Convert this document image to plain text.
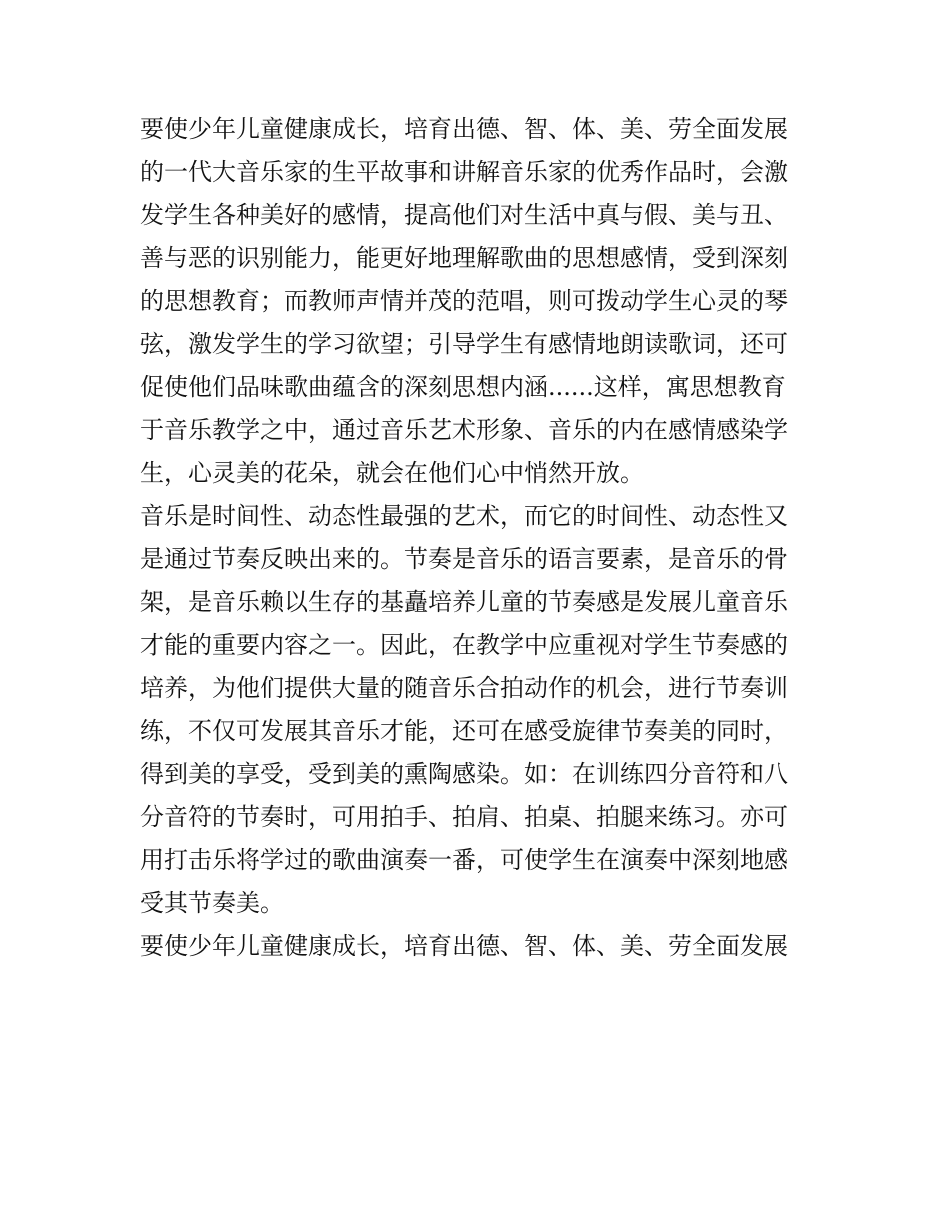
要使少年儿童健康成长，培育出德、智、体、美、劳全面发展
的一代大音乐家的生平故事和讲解音乐家的优秀作品时，会激
发学生各种美好的感情，提高他们对生活中真与假、美与丑、
善与恶的识别能力，能更好地理解歌曲的思想感情，受到深刻
的思想教育；而教师声情并茂的范唱，则可拨动学生心灵的琴
弦，激发学生的学习欲望；引导学生有感情地朗读歌词，还可
促使他们品味歌曲蕴含的深刻思想内涵......这样，寓思想教育
于音乐教学之中，通过音乐艺术形象、音乐的内在感情感染学
生，心灵美的花朵，就会在他们心中悄然开放。

音乐是时间性、动态性最强的艺术，而它的时间性、动态性又
是通过节奏反映出来的。节奏是音乐的语言要素，是音乐的骨
架，是音乐赖以生存的基矗培养儿童的节奏感是发展儿童音乐
才能的重要内容之一。因此，在教学中应重视对学生节奏感的
培养，为他们提供大量的随音乐合拍动作的机会，进行节奏训
练，不仅可发展其音乐才能，还可在感受旋律节奏美的同时，
得到美的享受，受到美的熏陶感染。如：在训练四分音符和八
分音符的节奏时，可用拍手、拍肩、拍桌、拍腿来练习。亦可
用打击乐将学过的歌曲演奏一番，可使学生在演奏中深刻地感
受其节奏美。

要使少年儿童健康成长，培育出德、智、体、美、劳全面发展
